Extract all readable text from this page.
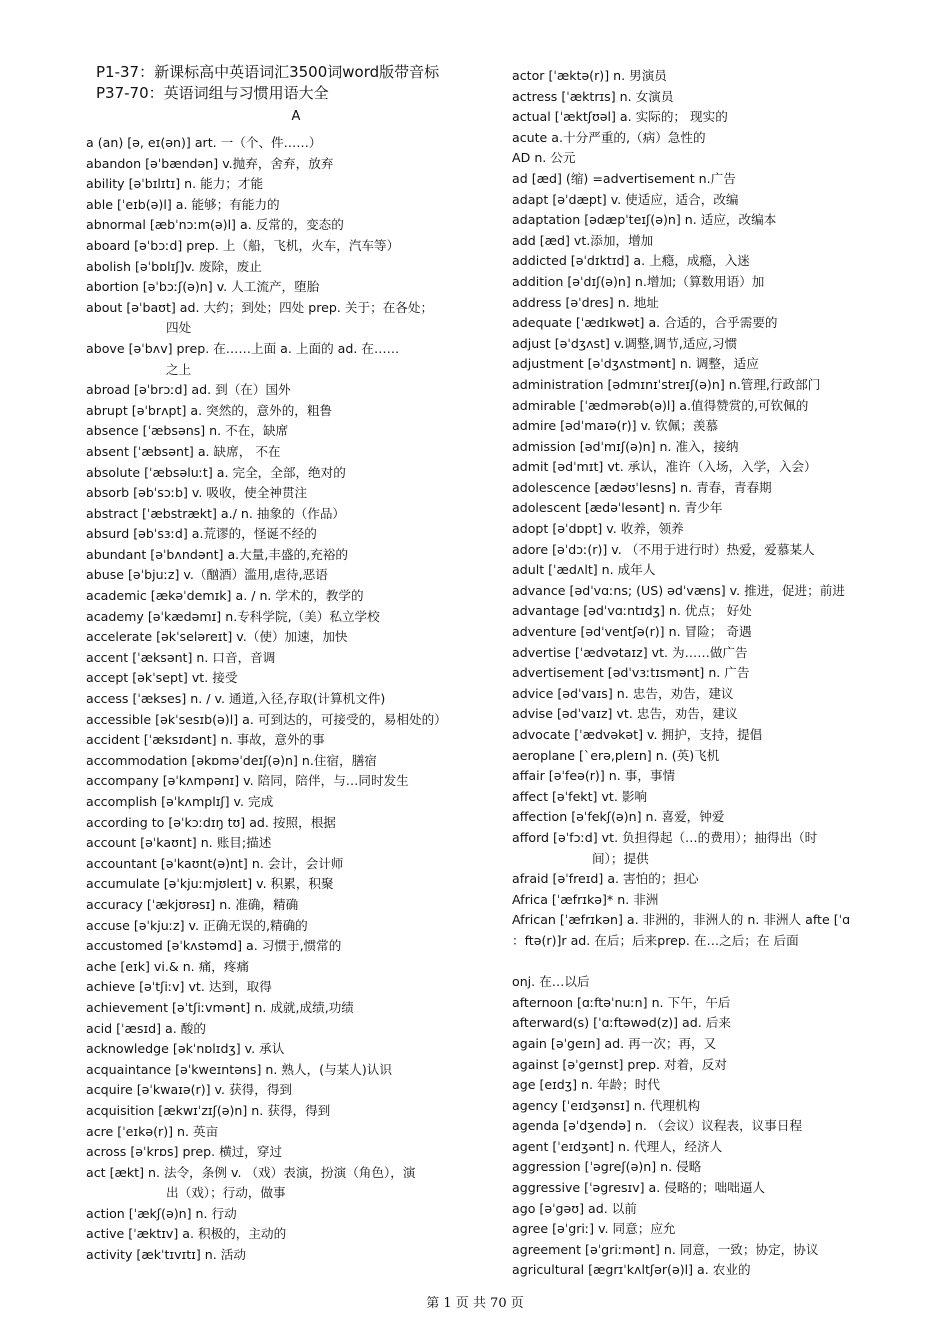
P1-37：新课标高中英语词汇3500词word版带音标
P37-70：英语词组与习惯用语大全
A
a (an) [ə, eɪ(ən)] art. 一（个、件……）
abandon [əˈbændən] v.抛弃，舍弃，放弃
ability [əˈbɪlɪtɪ] n. 能力；才能
able [ˈeɪb(ə)l] a. 能够；有能力的
abnormal [æbˈnɔːm(ə)l] a. 反常的，变态的
aboard [əˈbɔːd] prep. 上（船，飞机，火车，汽车等）
abolish [əˈbɒlɪʃ]v. 废除，废止
abortion [əˈbɔːʃ(ə)n] v. 人工流产，堕胎
about [əˈbaʊt] ad. 大约；到处；四处 prep. 关于；在各处；
四处
above [əˈbʌv] prep. 在……上面 a. 上面的 ad. 在……
之上
abroad [əˈbrɔːd] ad. 到（在）国外
abrupt [əˈbrʌpt] a. 突然的，意外的，粗鲁
absence [ˈæbsəns] n. 不在，缺席
absent [ˈæbsənt] a. 缺席， 不在
absolute [ˈæbsəluːt] a. 完全，全部，绝对的
absorb [əbˈsɔːb] v. 吸收，使全神贯注
abstract [ˈæbstrækt] a./ n. 抽象的（作品）
absurd [əbˈsɜːd] a.荒谬的，怪诞不经的
abundant [əˈbʌndənt] a.大量,丰盛的,充裕的
abuse [əˈbjuːz] v.（酗酒）滥用,虐待,恶语
academic [ækəˈdemɪk] a. / n. 学术的，教学的
academy [əˈkædəmɪ] n.专科学院,（美）私立学校
accelerate [əkˈseləreɪt] v.（使）加速，加快
accent [ˈæksənt] n. 口音，音调
accept [əkˈsept] vt. 接受
access [ˈækses] n. / v. 通道,入径,存取(计算机文件)
accessible [əkˈsesɪb(ə)l] a. 可到达的，可接受的，易相处的）
accident [ˈæksɪdənt] n. 事故，意外的事
accommodation [əkɒməˈdeɪʃ(ə)n] n.住宿，膳宿
accompany [əˈkʌmpənɪ] v. 陪同，陪伴，与…同时发生
accomplish [əˈkʌmplɪʃ] v. 完成
according to [əˈkɔːdɪŋ tʊ] ad. 按照，根据
account [əˈkaʊnt] n. 账目;描述
accountant [əˈkaʊnt(ə)nt] n. 会计，会计师
accumulate [əˈkjuːmjʊleɪt] v. 积累，积聚
accuracy [ˈækjʊrəsɪ] n. 准确，精确
accuse [əˈkjuːz] v. 正确无误的,精确的
accustomed [əˈkʌstəmd] a. 习惯于,惯常的
ache [eɪk] vi.& n. 痛，疼痛
achieve [əˈtʃiːv] vt. 达到，取得
achievement [əˈtʃiːvmənt] n. 成就,成绩,功绩
acid [ˈæsɪd] a. 酸的
acknowledge [əkˈnɒlɪdʒ] v. 承认
acquaintance [əˈkweɪntəns] n. 熟人，(与某人)认识
acquire [əˈkwaɪə(r)] v. 获得，得到
acquisition [ækwɪˈzɪʃ(ə)n] n. 获得，得到
acre [ˈeɪkə(r)] n. 英亩
across [əˈkrɒs] prep. 横过，穿过
act [ækt] n. 法令，条例 v. （戏）表演，扮演（角色），演
出（戏）；行动，做事
action [ˈækʃ(ə)n] n. 行动
active [ˈæktɪv] a. 积极的，主动的
activity [ækˈtɪvɪtɪ] n. 活动
actor [ˈæktə(r)] n. 男演员
actress [ˈæktrɪs] n. 女演员
actual [ˈæktʃʊəl] a. 实际的； 现实的
acute a.十分严重的,（病）急性的
AD n. 公元
ad [æd] (缩) =advertisement n.广告
adapt [əˈdæpt] v. 使适应，适合，改编
adaptation [ədæpˈteɪʃ(ə)n] n. 适应，改编本
add [æd] vt.添加，增加
addicted [əˈdɪktɪd] a. 上瘾，成瘾，入迷
addition [əˈdɪʃ(ə)n] n.增加;（算数用语）加
address [əˈdres] n. 地址
adequate [ˈædɪkwət] a. 合适的，合乎需要的
adjust [əˈdʒʌst] v.调整,调节,适应,习惯
adjustment [əˈdʒʌstmənt] n. 调整，适应
administration [ədmɪnɪˈstreɪʃ(ə)n] n.管理,行政部门
admirable [ˈædmərəb(ə)l] a.值得赞赏的,可钦佩的
admire [ədˈmaɪə(r)] v. 钦佩；羡慕
admission [ədˈmɪʃ(ə)n] n. 准入，接纳
admit [ədˈmɪt] vt. 承认，准许（入场，入学，入会）
adolescence [ædəʊˈlesns] n. 青春，青春期
adolescent [ædəˈlesənt] n. 青少年
adopt [əˈdɒpt] v. 收养，领养
adore [əˈdɔː(r)] v. （不用于进行时）热爱，爱慕某人
adult [ˈædʌlt] n. 成年人
advance [ədˈvɑːns; (US) ədˈvæns] v. 推进，促进；前进
advantage [ədˈvɑːntɪdʒ] n. 优点； 好处
adventure [ədˈventʃə(r)] n. 冒险； 奇遇
advertise [ˈædvətaɪz] vt. 为……做广告
advertisement [ədˈvɜːtɪsmənt] n. 广告
advice [ədˈvaɪs] n. 忠告，劝告，建议
advise [ədˈvaɪz] vt. 忠告，劝告，建议
advocate [ˈædvəkət] v. 拥护，支持，提倡
aeroplane [ˋerə,pleɪn] n. (英)飞机
affair [əˈfeə(r)] n. 事，事情
affect [əˈfekt] vt. 影响
affection [əˈfekʃ(ə)n] n. 喜爱，钟爱
afford [əˈfɔːd] vt. 负担得起（…的费用）；抽得出（时
间）；提供
afraid [əˈfreɪd] a. 害怕的；担心
Africa [ˈæfrɪkə]* n. 非洲
African [ˈæfrɪkən] a. 非洲的，非洲人的 n. 非洲人 afte [ˈɑ
：ftə(r)]r ad. 在后；后来prep. 在…之后；在 后面
onj. 在…以后
afternoon [ɑːftəˈnuːn] n. 下午，午后
afterward(s) [ˈɑːftəwəd(z)] ad. 后来
again [əˈgeɪn] ad. 再一次；再，又
against [əˈgeɪnst] prep. 对着，反对
age [eɪdʒ] n. 年龄；时代
agency [ˈeɪdʒənsɪ] n. 代理机构
agenda [əˈdʒendə] n. （会议）议程表，议事日程
agent [ˈeɪdʒənt] n. 代理人，经济人
aggression [ˈəgreʃ(ə)n] n. 侵略
aggressive [ˈəgresɪv] a. 侵略的；咄咄逼人
ago [əˈgəʊ] ad. 以前
agree [əˈgriː] v. 同意；应允
agreement [əˈgriːmənt] n. 同意，一致；协定，协议
agricultural [ægrɪˈkʌltʃər(ə)l] a. 农业的
第 1 页 共 70 页
